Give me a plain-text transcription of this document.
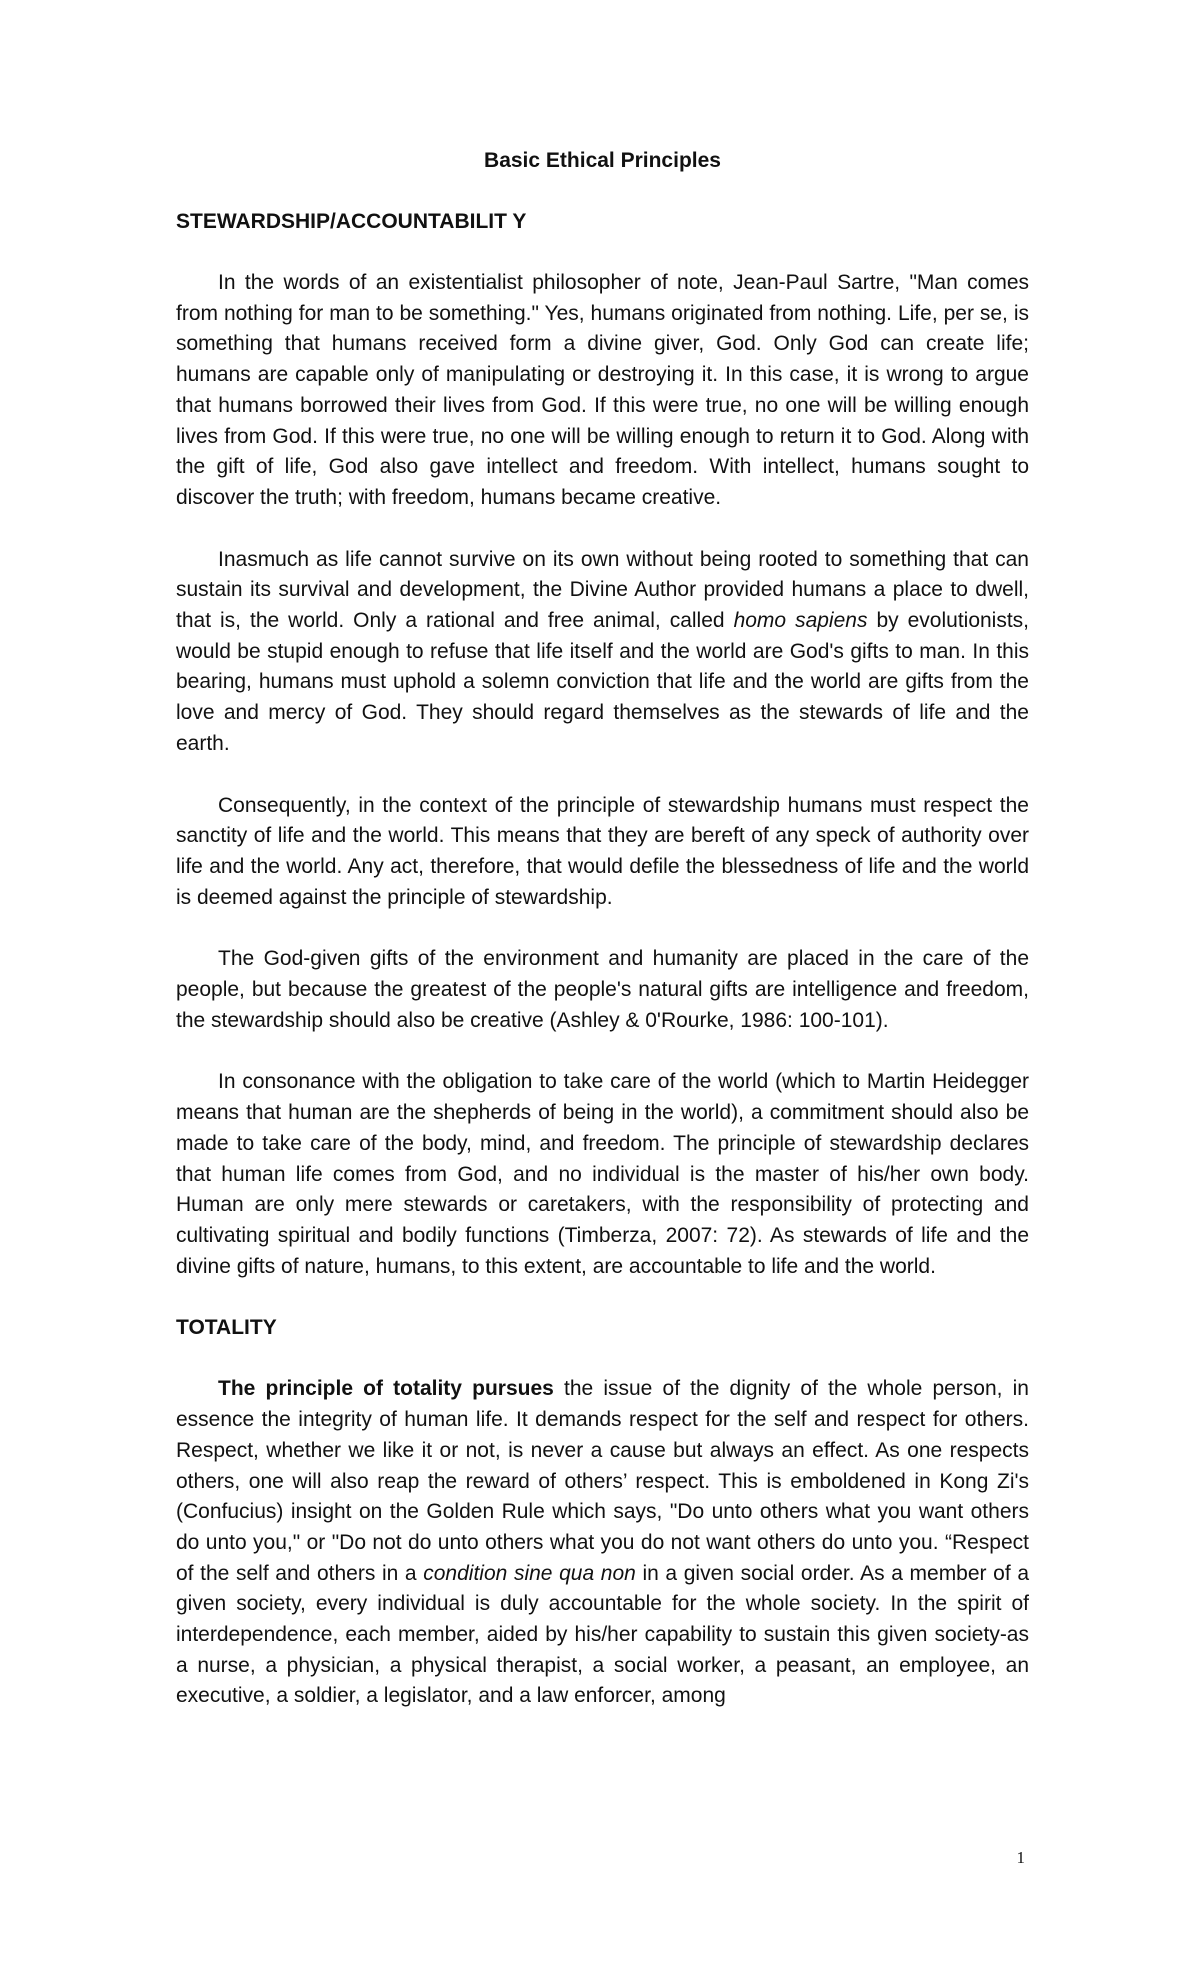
Basic Ethical Principles
STEWARDSHIP/ACCOUNTABILIT Y

In the words of an existentialist philosopher of note, Jean-Paul Sartre, "Man comes from nothing for man to be something." Yes, humans originated from nothing. Life, per se, is something that humans received form a divine giver, God. Only God can create life; humans are capable only of manipulating or destroying it. In this case, it is wrong to argue that humans borrowed their lives from God. If this were true, no one will be willing enough lives from God. If this were true, no one will be willing enough to return it to God. Along with the gift of life, God also gave intellect and freedom. With intellect, humans sought to discover the truth; with freedom, humans became creative.

Inasmuch as life cannot survive on its own without being rooted to something that can sustain its survival and development, the Divine Author provided humans a place to dwell, that is, the world. Only a rational and free animal, called homo sapiens by evolutionists, would be stupid enough to refuse that life itself and the world are God's gifts to man. In this bearing, humans must uphold a solemn conviction that life and the world are gifts from the love and mercy of God. They should regard themselves as the stewards of life and the earth.

Consequently, in the context of the principle of stewardship humans must respect the sanctity of life and the world. This means that they are bereft of any speck of authority over life and the world. Any act, therefore, that would defile the blessedness of life and the world is deemed against the principle of stewardship.

The God-given gifts of the environment and humanity are placed in the care of the people, but because the greatest of the people's natural gifts are intelligence and freedom, the stewardship should also be creative (Ashley & 0'Rourke, 1986: 100-101).

In consonance with the obligation to take care of the world (which to Martin Heidegger means that human are the shepherds of being in the world), a commitment should also be made to take care of the body, mind, and freedom. The principle of stewardship declares that human life comes from God, and no individual is the master of his/her own body. Human are only mere stewards or caretakers, with the responsibility of protecting and cultivating spiritual and bodily functions (Timberza, 2007: 72). As stewards of life and the divine gifts of nature, humans, to this extent, are accountable to life and the world.

TOTALITY

The principle of totality pursues the issue of the dignity of the whole person, in essence the integrity of human life. It demands respect for the self and respect for others. Respect, whether we like it or not, is never a cause but always an effect. As one respects others, one will also reap the reward of others’ respect. This is emboldened in Kong Zi's (Confucius) insight on the Golden Rule which says, "Do unto others what you want others do unto you," or "Do not do unto others what you do not want others do unto you. “Respect of the self and others in a condition sine qua non in a given social order. As a member of a given society, every individual is duly accountable for the whole society. In the spirit of interdependence, each member, aided by his/her capability to sustain this given society-as a nurse, a physician, a physical therapist, a social worker, a peasant, an employee, an executive, a soldier, a legislator, and a law enforcer, among

1
